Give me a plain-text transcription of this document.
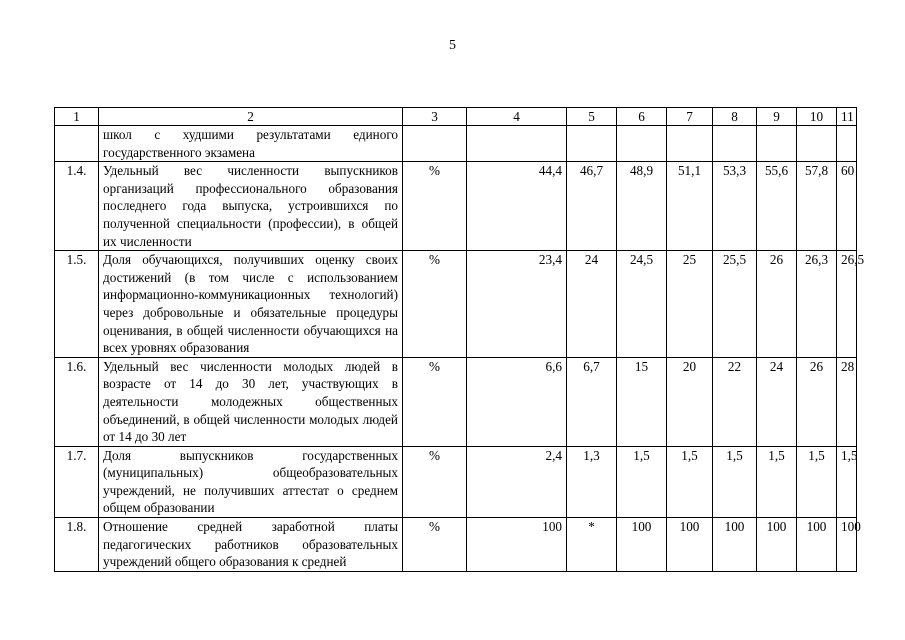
5
1	2	3	4	5	6	7	8	9	10	11
	школ с худшими результатами единого государственного экзамена									
1.4.	Удельный вес численности выпускников организаций профессионального образования последнего года выпуска, устроившихся по полученной специальности (профессии), в общей их численности	%	44,4	46,7	48,9	51,1	53,3	55,6	57,8	60
1.5.	Доля обучающихся, получивших оценку своих достижений (в том числе с использованием информационно-коммуникационных технологий) через добровольные и обязательные процедуры оценивания, в общей численности обучающихся на всех уровнях образования	%	23,4	24	24,5	25	25,5	26	26,3	26,5
1.6.	Удельный вес численности молодых людей в возрасте от 14 до 30 лет, участвующих в деятельности молодежных общественных объединений, в общей численности молодых людей от 14 до 30 лет	%	6,6	6,7	15	20	22	24	26	28
1.7.	Доля выпускников государственных (муниципальных) общеобразовательных учреждений, не получивших аттестат о среднем общем образовании	%	2,4	1,3	1,5	1,5	1,5	1,5	1,5	1,5
1.8.	Отношение средней заработной платы педагогических работников образовательных учреждений общего образования к средней	%	100	*	100	100	100	100	100	100
